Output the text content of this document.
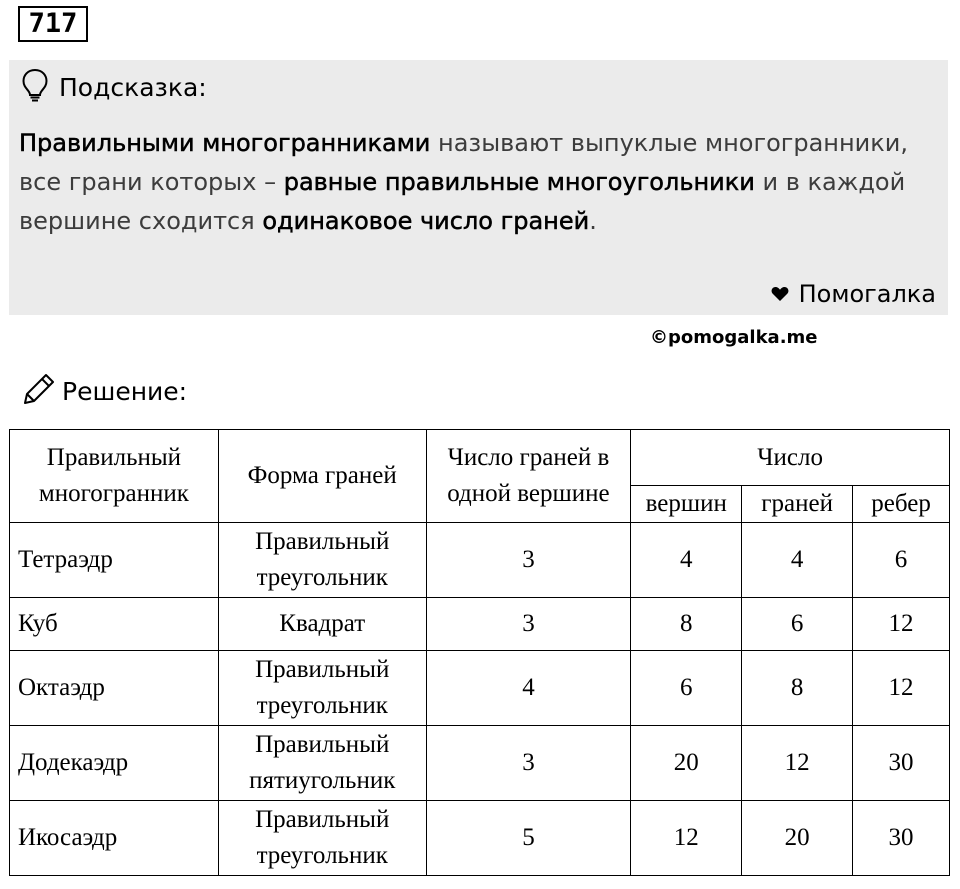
717
Подсказка:
Правильными многогранниками называют выпуклые многогранники, все грани которых – равные правильные многоугольники и в каждой вершине сходится одинаковое число граней.
Помогалка
©pomogalka.me
Решение:
Правильный многогранник	Форма граней	Число граней в одной вершине	Число		
			вершин	граней	ребер
Тетраэдр	Правильный треугольник	3	4	4	6
Куб	Квадрат	3	8	6	12
Октаэдр	Правильный треугольник	4	6	8	12
Додекаэдр	Правильный пятиугольник	3	20	12	30
Икосаэдр	Правильный треугольник	5	12	20	30
